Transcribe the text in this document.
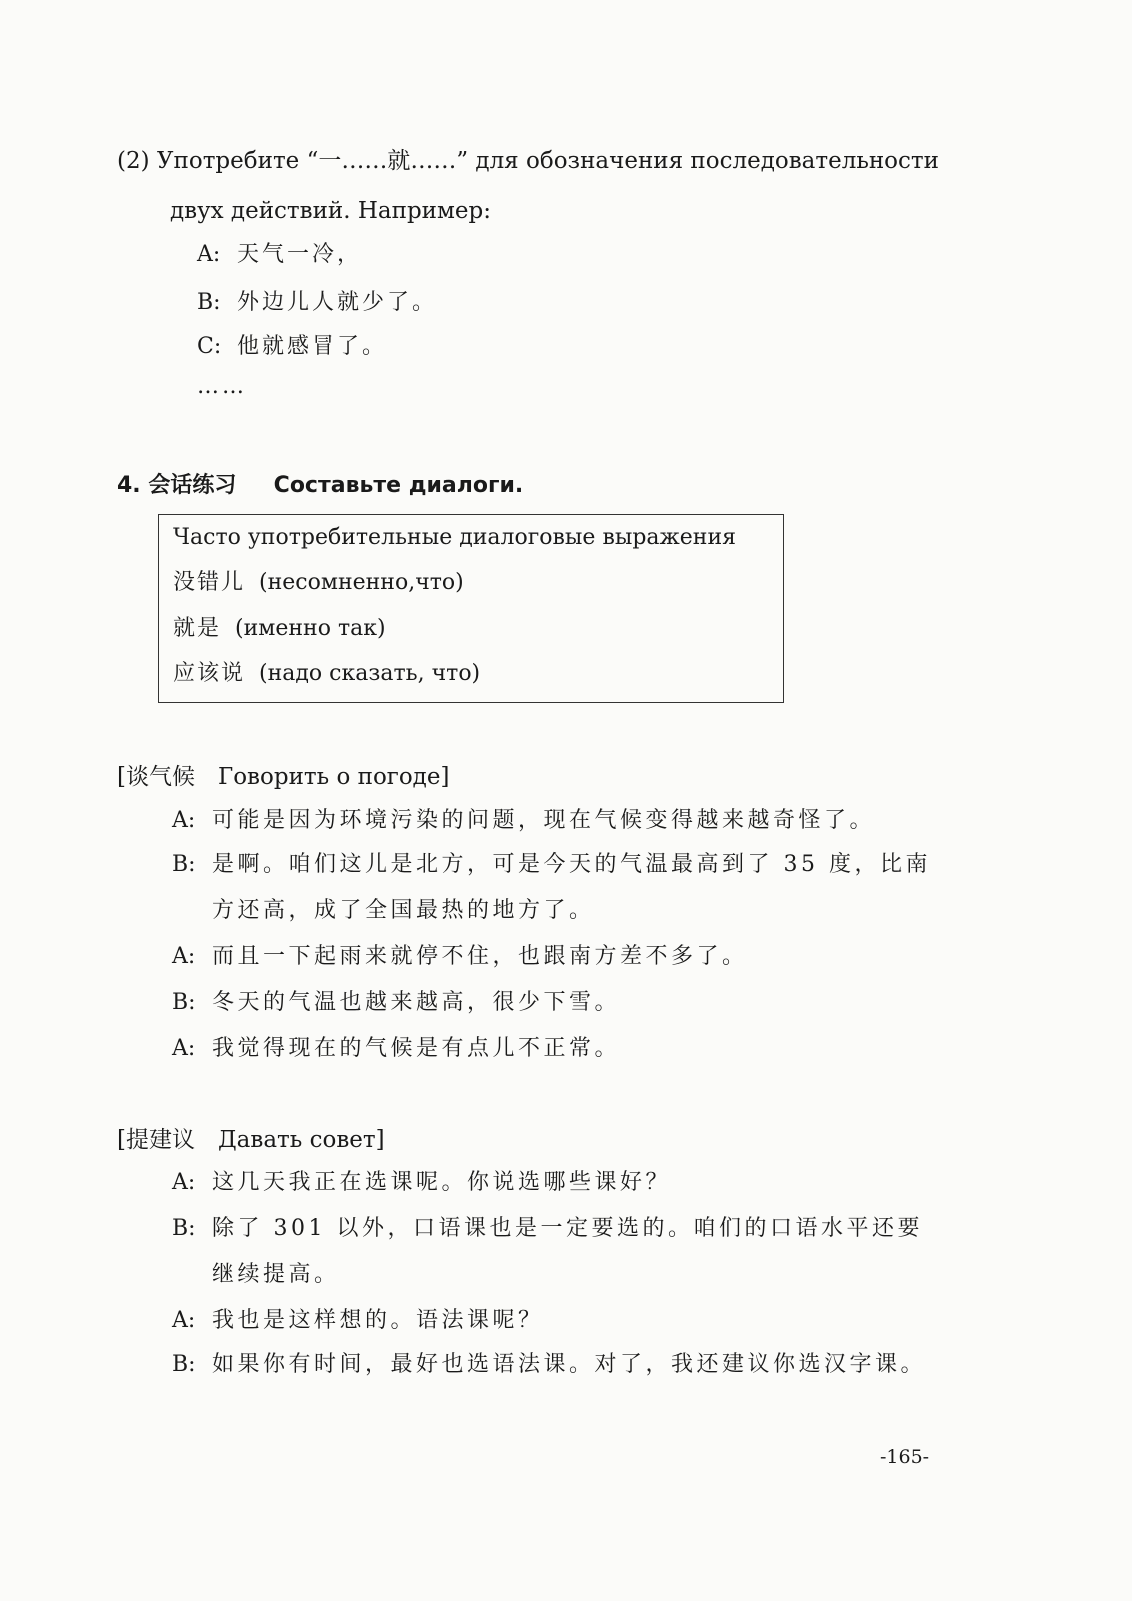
(2) Употребите “一……就……” для обозначения последовательности
двух действий. Например:
A: 天气一冷，
B: 外边儿人就少了。
C: 他就感冒了。
……
4. 会话练习 Составьте диалоги.
Часто употребительные диалоговые выражения
没错儿 (несомненно,что)
就是 (именно так)
应该说 (надо сказать, что)
[谈气候　Говорить о погоде]
A: 可能是因为环境污染的问题，现在气候变得越来越奇怪了。
B: 是啊。咱们这儿是北方，可是今天的气温最高到了 35 度，比南
方还高，成了全国最热的地方了。
A: 而且一下起雨来就停不住，也跟南方差不多了。
B: 冬天的气温也越来越高，很少下雪。
A: 我觉得现在的气候是有点儿不正常。
[提建议　Давать совет]
A: 这几天我正在选课呢。你说选哪些课好？
B: 除了 301 以外，口语课也是一定要选的。咱们的口语水平还要
继续提高。
A: 我也是这样想的。语法课呢？
B: 如果你有时间，最好也选语法课。对了，我还建议你选汉字课。
-165-
